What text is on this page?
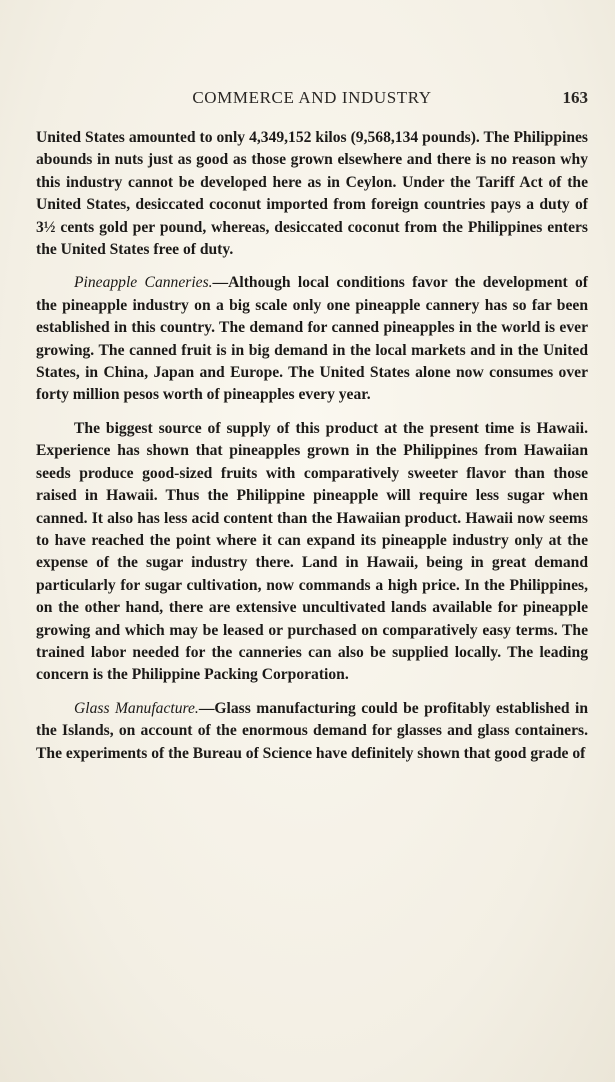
COMMERCE AND INDUSTRY	163

United States amounted to only 4,349,152 kilos (9,568,134 pounds). The Philippines abounds in nuts just as good as those grown elsewhere and there is no reason why this industry cannot be developed here as in Ceylon. Under the Tariff Act of the United States, desiccated coconut imported from foreign countries pays a duty of 3½ cents gold per pound, whereas, desiccated coconut from the Philippines enters the United States free of duty.

Pineapple Canneries.—Although local conditions favor the development of the pineapple industry on a big scale only one pineapple cannery has so far been established in this country. The demand for canned pineapples in the world is ever growing. The canned fruit is in big demand in the local markets and in the United States, in China, Japan and Europe. The United States alone now consumes over forty million pesos worth of pineapples every year.

The biggest source of supply of this product at the present time is Hawaii. Experience has shown that pineapples grown in the Philippines from Hawaiian seeds produce good-sized fruits with comparatively sweeter flavor than those raised in Hawaii. Thus the Philippine pineapple will require less sugar when canned. It also has less acid content than the Hawaiian product. Hawaii now seems to have reached the point where it can expand its pineapple industry only at the expense of the sugar industry there. Land in Hawaii, being in great demand particularly for sugar cultivation, now commands a high price. In the Philippines, on the other hand, there are extensive uncultivated lands available for pineapple growing and which may be leased or purchased on comparatively easy terms. The trained labor needed for the canneries can also be supplied locally. The leading concern is the Philippine Packing Corporation.

Glass Manufacture.—Glass manufacturing could be profitably established in the Islands, on account of the enormous demand for glasses and glass containers. The experiments of the Bureau of Science have definitely shown that good grade of
